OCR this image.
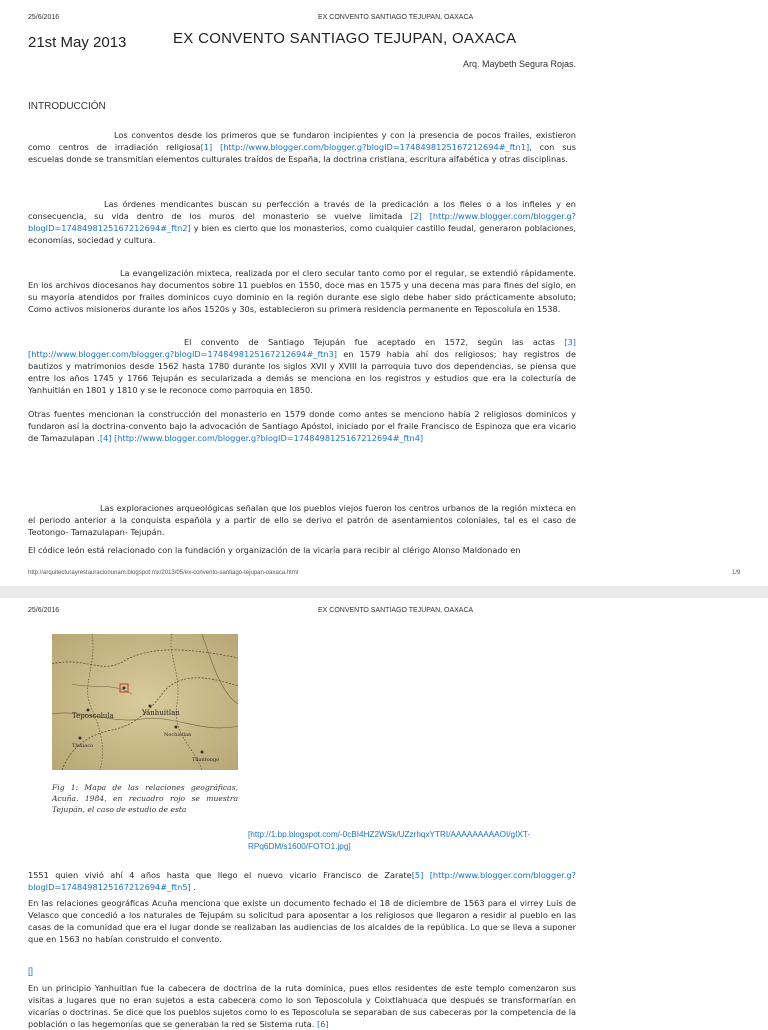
25/6/2016	EX CONVENTO SANTIAGO TEJUPAN, OAXACA
21st May 2013	EX CONVENTO SANTIAGO TEJUPAN, OAXACA
Arq. Maybeth Segura Rojas.
INTRODUCCIÓN
Los conventos desde los primeros que se fundaron incipientes y con la presencia de pocos frailes, existieron como centros de irradiación religiosa[1] [http://www.blogger.com/blogger.g?blogID=1748498125167212694#_ftn1], con sus escuelas donde se transmitían elementos culturales traídos de España, la doctrina cristiana, escritura alfabética y otras disciplinas.
Las órdenes mendicantes buscan su perfección a través de la predicación a los fieles o a los infieles y en consecuencia, su vida dentro de los muros del monasterio se vuelve limitada [2] [http://www.blogger.com/blogger.g?blogID=1748498125167212694#_ftn2] y bien es cierto que los monasterios, como cualquier castillo feudal, generaron poblaciones, economías, sociedad y cultura.
La evangelización mixteca, realizada por el clero secular tanto como por el regular, se extendió rápidamente. En los archivos diocesanos hay documentos sobre 11 pueblos en 1550, doce mas en 1575 y una decena mas para fines del siglo, en su mayoría atendidos por frailes dominicos cuyo dominio en la región durante ese siglo debe haber sido prácticamente absoluto; Como activos misioneros durante los años 1520s y 30s, establecieron su primera residencia permanente en Teposcolula en 1538.
El convento de Santiago Tejupán fue aceptado en 1572, según las actas [3] [http://www.blogger.com/blogger.g?blogID=1748498125167212694#_ftn3] en 1579 había ahí dos religiosos; hay registros de bautizos y matrimonios desde 1562 hasta 1780 durante los siglos XVII y XVIII la parroquia tuvo dos dependencias, se piensa que entre los años 1745 y 1766 Tejupán es secularizada a demás se menciona en los registros y estudios que era la colecturía de Yanhuitlán en 1801 y 1810 y se le reconoce como parroquia en 1850.
Otras fuentes mencionan la construcción del monasterio en 1579 donde como antes se menciono había 2 religiosos dominicos y fundaron así la doctrina-convento bajo la advocación de Santiago Apóstol, iniciado por el fraile Francisco de Espinoza que era vicario de Tamazulapan .[4] [http://www.blogger.com/blogger.g?blogID=1748498125167212694#_ftn4]
Las exploraciones arqueológicas señalan que los pueblos viejos fueron los centros urbanos de la región mixteca en el periodo anterior a la conquista española y a partir de ello se derivo el patrón de asentamientos coloniales, tal es el caso de Teotongo- Tamazulapan- Tejupán.
El códice león está relacionado con la fundación y organización de la vicaría para recibir al clérigo Alonso Maldonado en
http://arquitecturayrestauracionunam.blogspot.mx/2013/05/ex-convento-santiago-tejupan-oaxaca.html	1/9
25/6/2016	EX CONVENTO SANTIAGO TEJUPAN, OAXACA
Teposcolula	Yanhuitlan
Nochistlan
Tlaxiaco
Tilantongo
Fig 1: Mapa de las relaciones geográficas, Acuña. 1984, en recuadro rojo se muestra Tejupán, el caso de estudio de esta
[http://1.bp.blogspot.com/-0cBI4HZ2WSk/UZzrhqxYTRI/AAAAAAAAAOI/gIXT-RPq6DM/s1600/FOTO1.jpg]
1551 quien vivió ahí 4 años hasta que llego el nuevo vicario Francisco de Zarate[5] [http://www.blogger.com/blogger.g?blogID=1748498125167212694#_ftn5] .
En las relaciones geográficas Acuña menciona que existe un documento fechado el 18 de diciembre de 1563 para el virrey Luis de Velasco que concedió a los naturales de Tejupám su solicitud para aposentar a los religiosos que llegaron a residir al pueblo en las casas de la comunidad que era el lugar donde se realizaban las audiencias de los alcaldes de la república. Lo que se lleva a suponer que en 1563 no habían construido el convento.
[]
En un principio Yanhuitlan fue la cabecera de doctrina de la ruta dominica, pues ellos residentes de este templo comenzaron sus visitas a lugares que no eran sujetos a esta cabecera como lo son Teposcolula y Coixtlahuaca que después se transformarían en vicarías o doctrinas. Se dice que los pueblos sujetos como lo es Teposcolula se separaban de sus cabeceras por la competencia de la población o las hegemonías que se generaban la red se Sistema ruta. [6]
